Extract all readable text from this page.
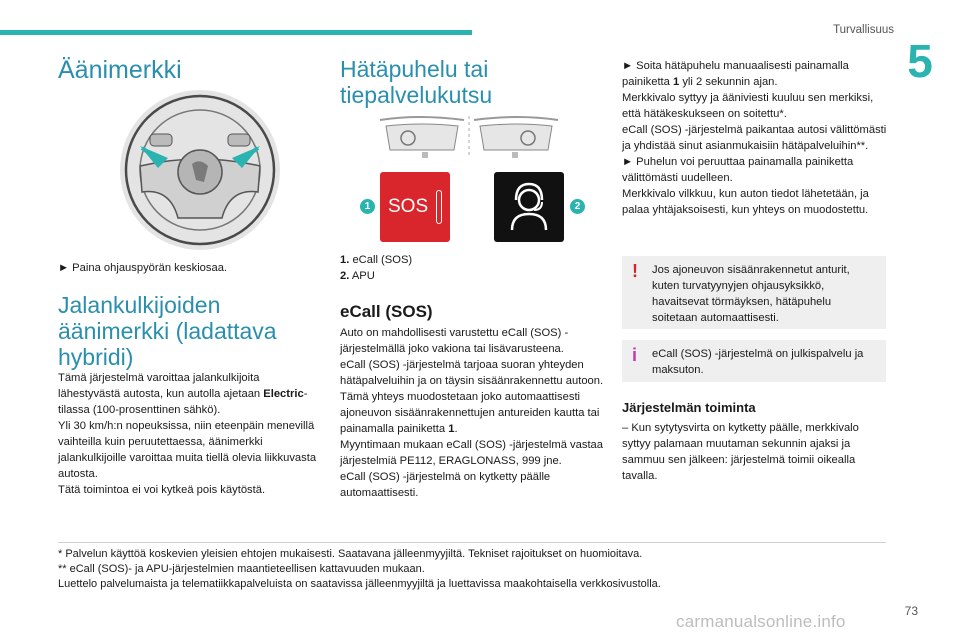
Turvallisuus
5
Äänimerkki
► Paina ohjauspyörän keskiosaa.
Jalankulkijoiden äänimerkki (ladattava hybridi)
Tämä järjestelmä varoittaa jalankulkijoita lähestyvästä autosta, kun autolla ajetaan Electric-tilassa (100-prosenttinen sähkö).
Yli 30 km/h:n nopeuksissa, niin eteenpäin menevillä vaihteilla kuin peruutettaessa, äänimerkki jalankulkijoille varoittaa muita tiellä olevia liikkuvasta autosta.
Tätä toimintoa ei voi kytkeä pois käytöstä.
Hätäpuhelu tai tiepalvelukutsu
1 SOS	2
1. eCall (SOS)
2. APU
eCall (SOS)
Auto on mahdollisesti varustettu eCall (SOS) -järjestelmällä joko vakiona tai lisävarusteena.
eCall (SOS) -järjestelmä tarjoaa suoran yhteyden hätäpalveluihin ja on täysin sisäänrakennettu autoon. Tämä yhteys muodostetaan joko automaattisesti ajoneuvon sisäänrakennettujen antureiden kautta tai painamalla painiketta 1.
Myyntimaan mukaan eCall (SOS) -järjestelmä vastaa järjestelmiä PE112, ERAGLONASS, 999 jne.
eCall (SOS) -järjestelmä on kytketty päälle automaattisesti.
► Soita hätäpuhelu manuaalisesti painamalla painiketta 1 yli 2 sekunnin ajan.
Merkkivalo syttyy ja ääniviesti kuuluu sen merkiksi, että hätäkeskukseen on soitettu*.
eCall (SOS) -järjestelmä paikantaa autosi välittömästi ja yhdistää sinut asianmukaisiin hätäpalveluihin**.
► Puhelun voi peruuttaa painamalla painiketta välittömästi uudelleen.
Merkkivalo vilkkuu, kun auton tiedot lähetetään, ja palaa yhtäjaksoisesti, kun yhteys on muodostettu.
!	Jos ajoneuvon sisäänrakennetut anturit, kuten turvatyynyjen ohjausyksikkö, havaitsevat törmäyksen, hätäpuhelu soitetaan automaattisesti.
i	eCall (SOS) -järjestelmä on julkispalvelu ja maksuton.
Järjestelmän toiminta
– Kun sytytysvirta on kytketty päälle, merkkivalo syttyy palamaan muutaman sekunnin ajaksi ja sammuu sen jälkeen: järjestelmä toimii oikealla tavalla.
* Palvelun käyttöä koskevien yleisien ehtojen mukaisesti. Saatavana jälleenmyyjiltä. Tekniset rajoitukset on huomioitava.
** eCall (SOS)- ja APU-järjestelmien maantieteellisen kattavuuden mukaan.
Luettelo palvelumaista ja telematiikkapalveluista on saatavissa jälleenmyyjiltä ja luettavissa maakohtaisella verkkosivustolla.
73
carmanualsonline.info
